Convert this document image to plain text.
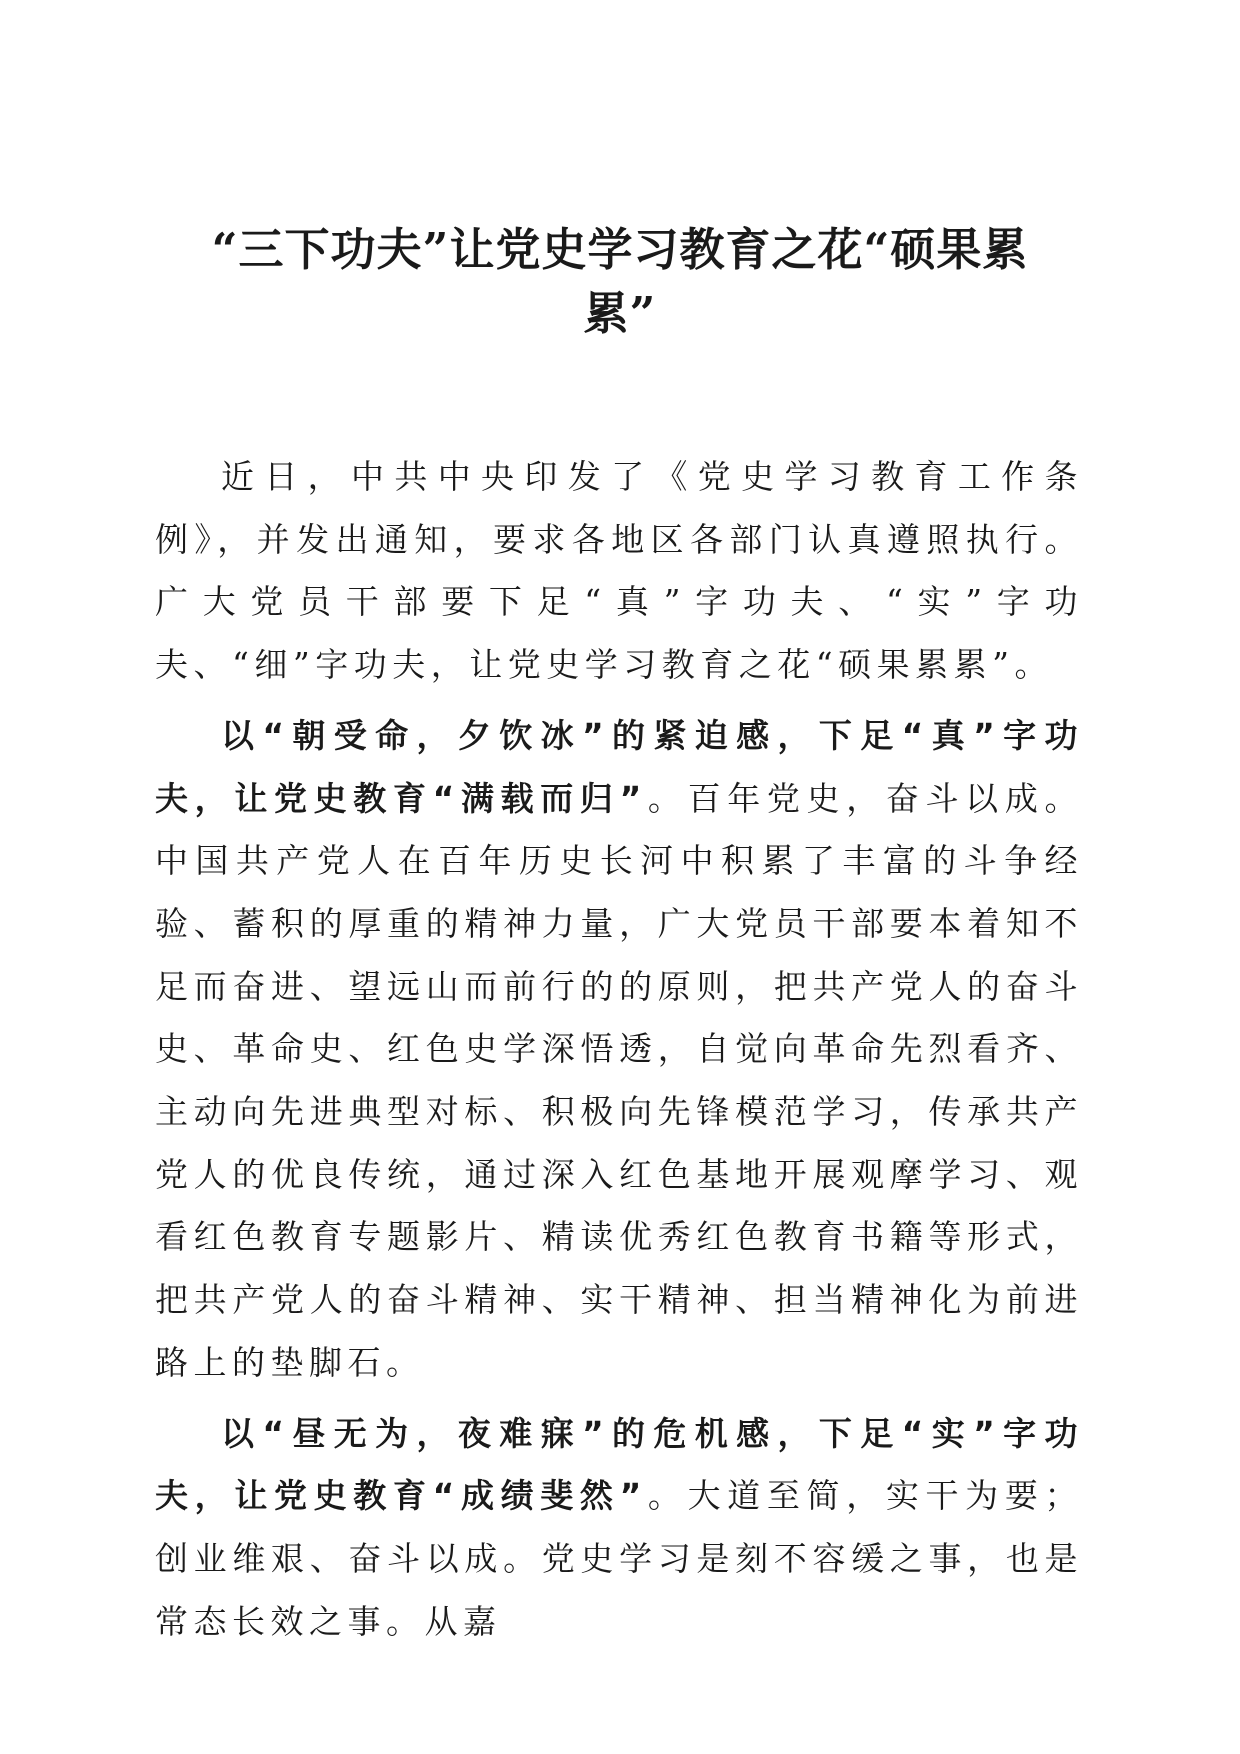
“三下功夫”让党史学习教育之花“硕果累累”

近日，中共中央印发了《党史学习教育工作条例》，并发出通知，要求各地区各部门认真遵照执行。广大党员干部要下足“真”字功夫、“实”字功夫、“细”字功夫，让党史学习教育之花“硕果累累”。

以“朝受命，夕饮冰”的紧迫感，下足“真”字功夫，让党史教育“满载而归”。百年党史，奋斗以成。中国共产党人在百年历史长河中积累了丰富的斗争经验、蓄积的厚重的精神力量，广大党员干部要本着知不足而奋进、望远山而前行的的原则，把共产党人的奋斗史、革命史、红色史学深悟透，自觉向革命先烈看齐、主动向先进典型对标、积极向先锋模范学习，传承共产党人的优良传统，通过深入红色基地开展观摩学习、观看红色教育专题影片、精读优秀红色教育书籍等形式，把共产党人的奋斗精神、实干精神、担当精神化为前进路上的垫脚石。

以“昼无为，夜难寐”的危机感，下足“实”字功夫，让党史教育“成绩斐然”。大道至简，实干为要；创业维艰、奋斗以成。党史学习是刻不容缓之事，也是常态长效之事。从嘉
